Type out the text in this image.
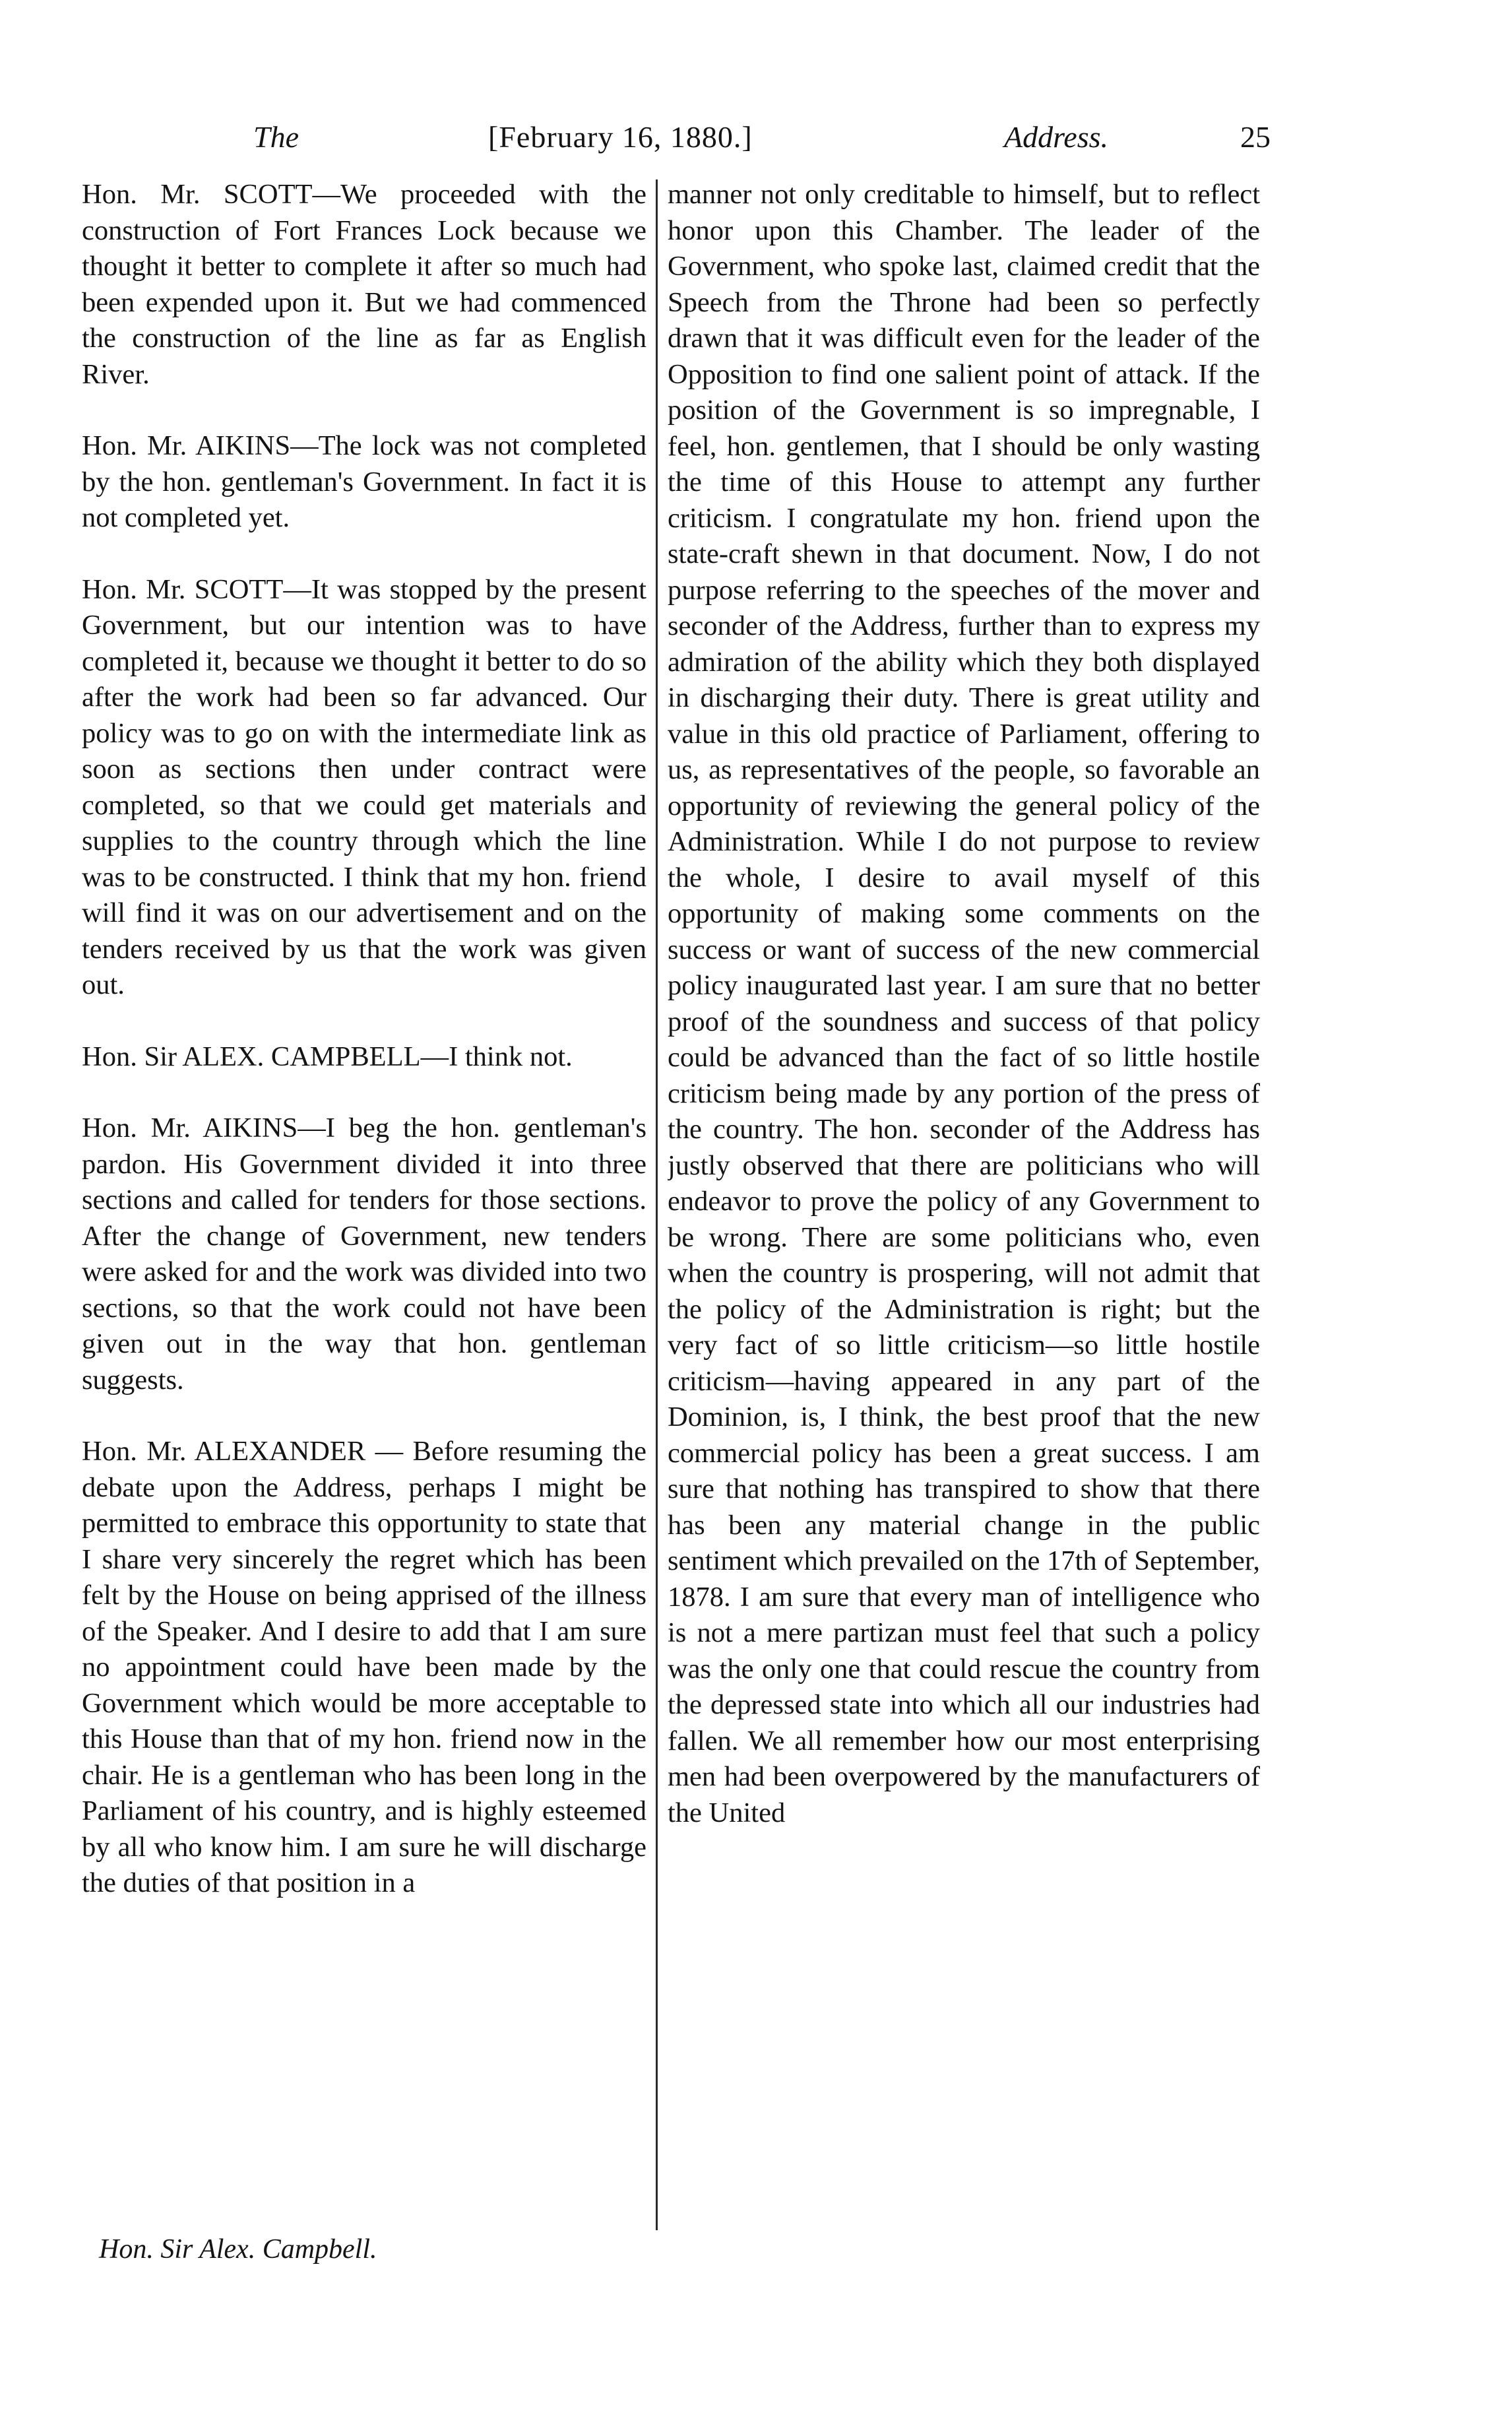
The	[February 16, 1880.]	Address.	25

Hon. Mr. SCOTT—We proceeded with the construction of Fort Frances Lock because we thought it better to complete it after so much had been expended upon it. But we had commenced the construction of the line as far as English River.

Hon. Mr. AIKINS—The lock was not completed by the hon. gentleman's Government. In fact it is not completed yet.

Hon. Mr. SCOTT—It was stopped by the present Government, but our intention was to have completed it, because we thought it better to do so after the work had been so far advanced. Our policy was to go on with the intermediate link as soon as sections then under contract were completed, so that we could get materials and supplies to the country through which the line was to be constructed. I think that my hon. friend will find it was on our advertisement and on the tenders received by us that the work was given out.

Hon. Sir ALEX. CAMPBELL—I think not.

Hon. Mr. AIKINS—I beg the hon. gentleman's pardon. His Government divided it into three sections and called for tenders for those sections. After the change of Government, new tenders were asked for and the work was divided into two sections, so that the work could not have been given out in the way that hon. gentleman suggests.

Hon. Mr. ALEXANDER — Before resuming the debate upon the Address, perhaps I might be permitted to embrace this opportunity to state that I share very sincerely the regret which has been felt by the House on being apprised of the illness of the Speaker. And I desire to add that I am sure no appointment could have been made by the Government which would be more acceptable to this House than that of my hon. friend now in the chair. He is a gentleman who has been long in the Parliament of his country, and is highly esteemed by all who know him. I am sure he will discharge the duties of that position in a

manner not only creditable to himself, but to reflect honor upon this Chamber. The leader of the Government, who spoke last, claimed credit that the Speech from the Throne had been so perfectly drawn that it was difficult even for the leader of the Opposition to find one salient point of attack. If the position of the Government is so impregnable, I feel, hon. gentlemen, that I should be only wasting the time of this House to attempt any further criticism. I congratulate my hon. friend upon the state-craft shewn in that document. Now, I do not purpose referring to the speeches of the mover and seconder of the Address, further than to express my admiration of the ability which they both displayed in discharging their duty. There is great utility and value in this old practice of Parliament, offering to us, as representatives of the people, so favorable an opportunity of reviewing the general policy of the Administration. While I do not purpose to review the whole, I desire to avail myself of this opportunity of making some comments on the success or want of success of the new commercial policy inaugurated last year. I am sure that no better proof of the soundness and success of that policy could be advanced than the fact of so little hostile criticism being made by any portion of the press of the country. The hon. seconder of the Address has justly observed that there are politicians who will endeavor to prove the policy of any Government to be wrong. There are some politicians who, even when the country is prospering, will not admit that the policy of the Administration is right; but the very fact of so little criticism—so little hostile criticism—having appeared in any part of the Dominion, is, I think, the best proof that the new commercial policy has been a great success. I am sure that nothing has transpired to show that there has been any material change in the public sentiment which prevailed on the 17th of September, 1878. I am sure that every man of intelligence who is not a mere partizan must feel that such a policy was the only one that could rescue the country from the depressed state into which all our industries had fallen. We all remember how our most enterprising men had been overpowered by the manufacturers of the United

Hon. Sir Alex. Campbell.
